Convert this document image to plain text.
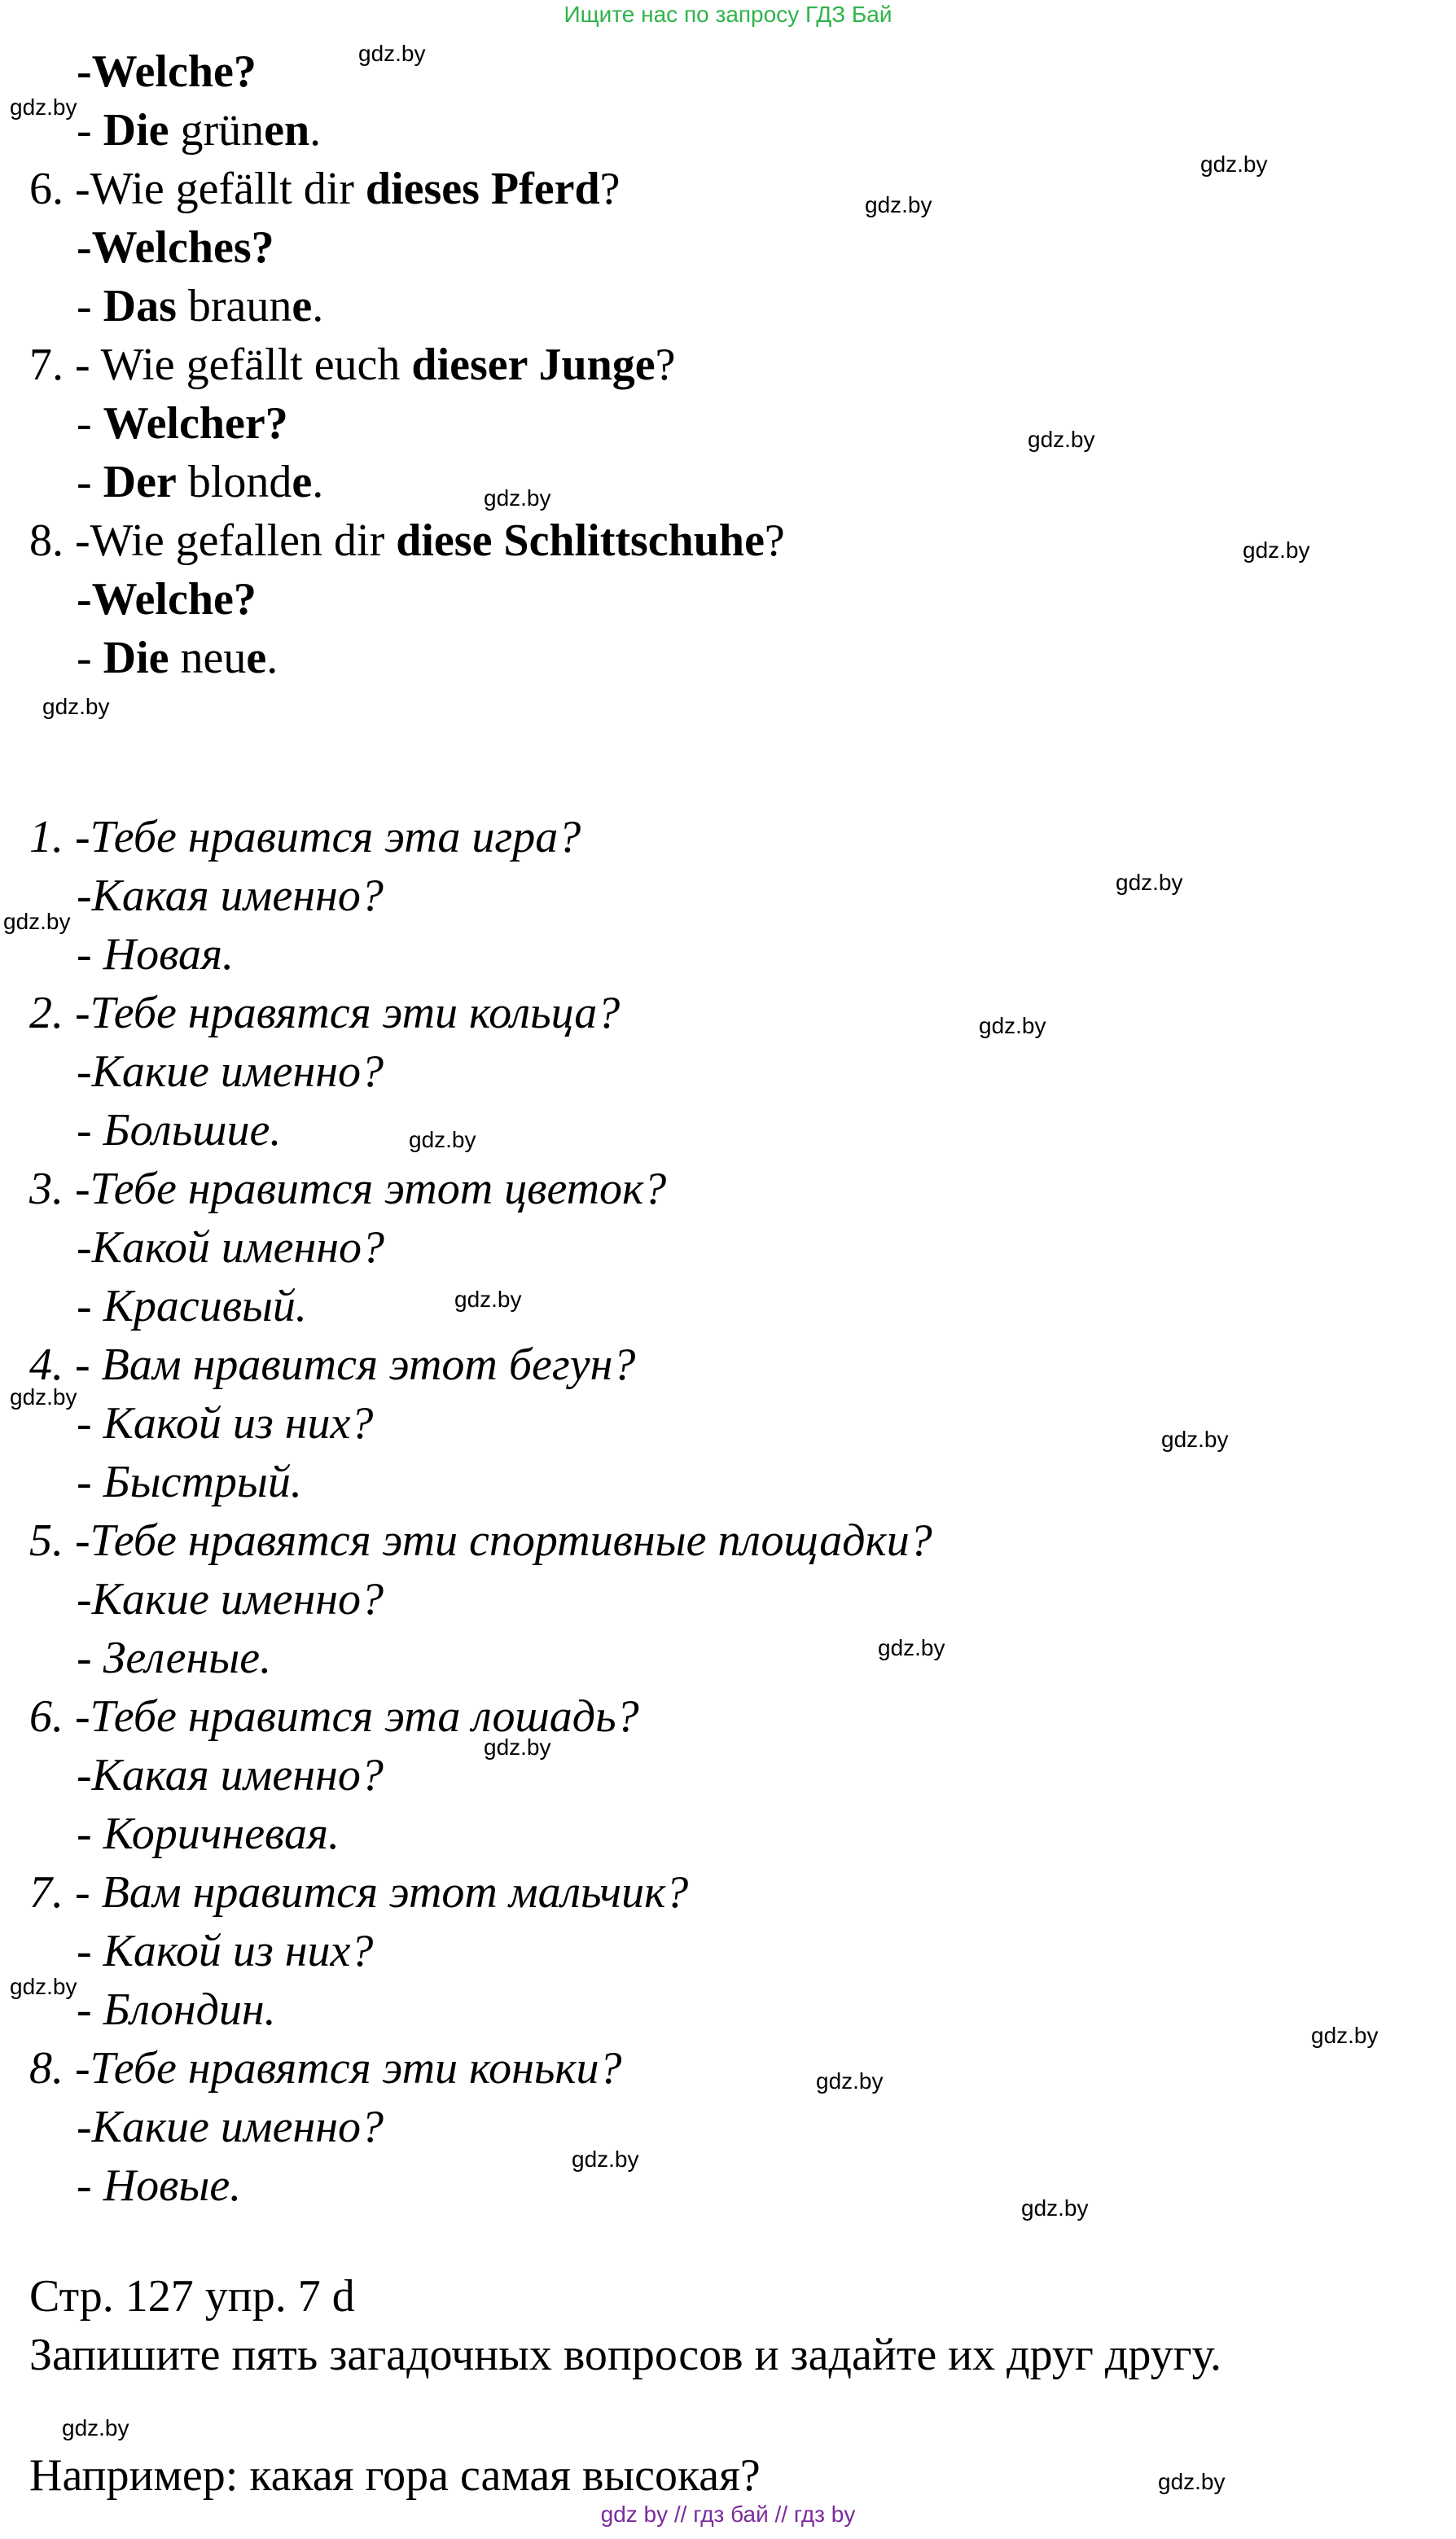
Ищите нас по запросу ГДЗ Бай
-Welche?
- Die grünen.
6. -Wie gefällt dir dieses Pferd?
-Welches?
- Das braune.
7. - Wie gefällt euch dieser Junge?
- Welcher?
- Der blonde.
8. -Wie gefallen dir diese Schlittschuhe?
-Welche?
- Die neue.
1. -Тебе нравится эта игра?
-Какая именно?
- Новая.
2. -Тебе нравятся эти кольца?
-Какие именно?
- Большие.
3. -Тебе нравится этот цветок?
-Какой именно?
- Красивый.
4. - Вам нравится этот бегун?
- Какой из них?
- Быстрый.
5. -Тебе нравятся эти спортивные площадки?
-Какие именно?
- Зеленые.
6. -Тебе нравится эта лошадь?
-Какая именно?
- Коричневая.
7. - Вам нравится этот мальчик?
- Какой из них?
- Блондин.
8. -Тебе нравятся эти коньки?
-Какие именно?
- Новые.
Стр. 127 упр. 7 d
Запишите пять загадочных вопросов и задайте их друг другу.
Например: какая гора самая высокая?
gdz.by
gdz.by
gdz.by
gdz.by
gdz.by
gdz.by
gdz.by
gdz.by
gdz.by
gdz.by
gdz.by
gdz.by
gdz.by
gdz.by
gdz.by
gdz.by
gdz.by
gdz.by
gdz.by
gdz.by
gdz.by
gdz.by
gdz.by
gdz.by
gdz by // гдз бай // гдз by
